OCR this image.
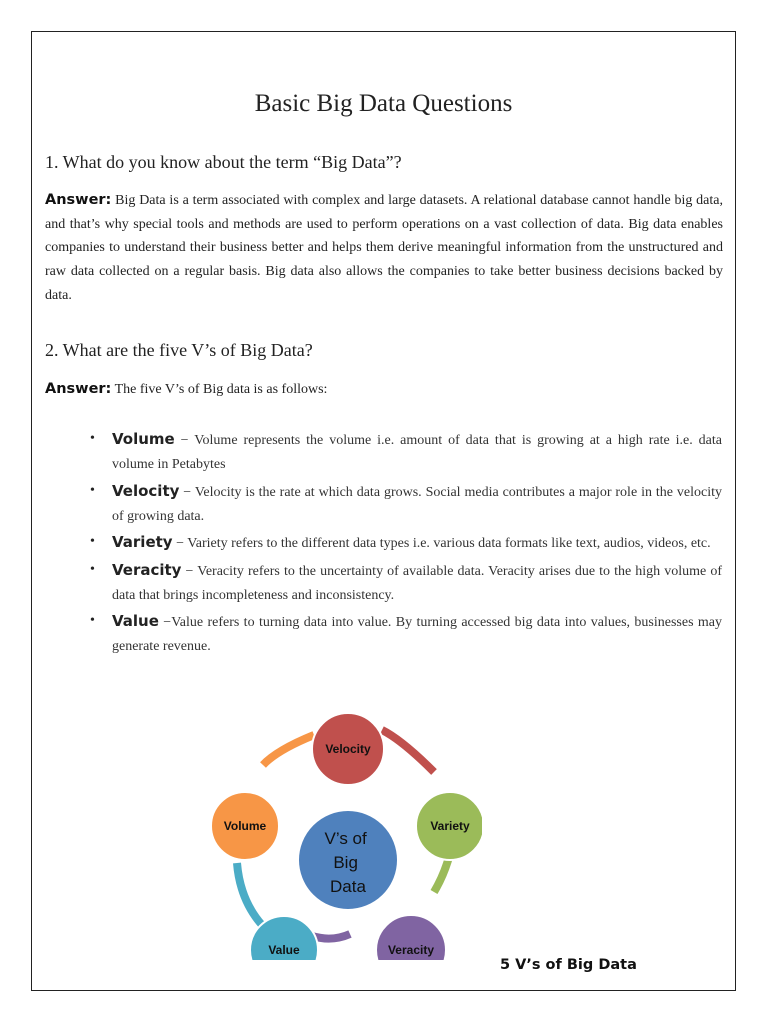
Basic Big Data Questions
1. What do you know about the term “Big Data”?
Answer: Big Data is a term associated with complex and large datasets. A relational database cannot handle big data, and that’s why special tools and methods are used to perform operations on a vast collection of data. Big data enables companies to understand their business better and helps them derive meaningful information from the unstructured and raw data collected on a regular basis. Big data also allows the companies to take better business decisions backed by data.
2. What are the five V’s of Big Data?
Answer: The five V’s of Big data is as follows:
• Volume − Volume represents the volume i.e. amount of data that is growing at a high rate i.e. data volume in Petabytes
• Velocity − Velocity is the rate at which data grows. Social media contributes a major role in the velocity of growing data.
• Variety − Variety refers to the different data types i.e. various data formats like text, audios, videos, etc.
• Veracity − Veracity refers to the uncertainty of available data. Veracity arises due to the high volume of data that brings incompleteness and inconsistency.
• Value −Value refers to turning data into value. By turning accessed big data into values, businesses may generate revenue.
V’s of Big Data
Velocity
Variety
Veracity
Value
Volume
5 V’s of Big Data
